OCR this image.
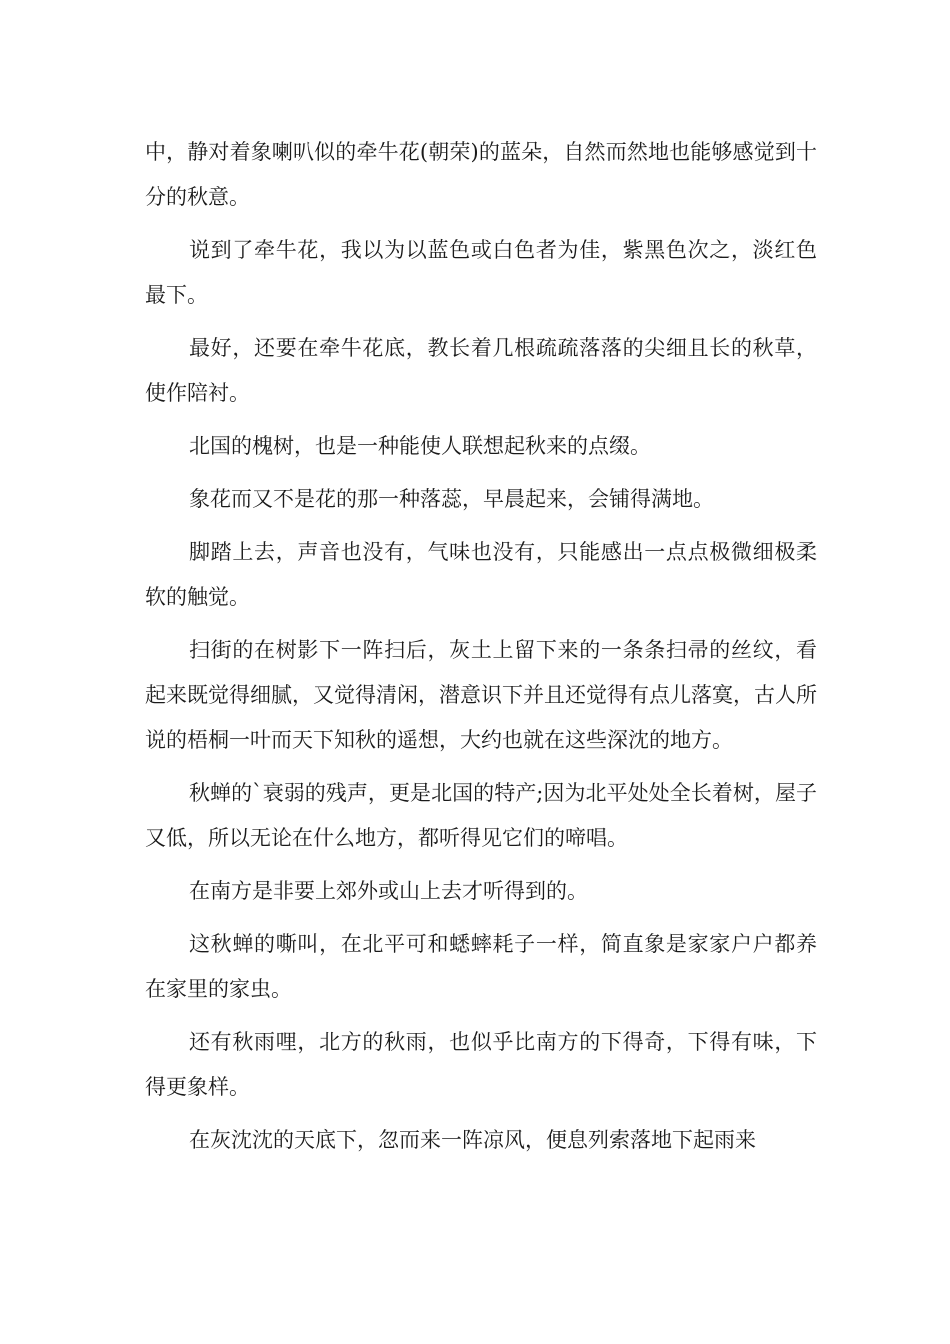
中，静对着象喇叭似的牵牛花(朝荣)的蓝朵，自然而然地也能够感觉到十分的秋意。

说到了牵牛花，我以为以蓝色或白色者为佳，紫黑色次之，淡红色最下。

最好，还要在牵牛花底，教长着几根疏疏落落的尖细且长的秋草，使作陪衬。

北国的槐树，也是一种能使人联想起秋来的点缀。

象花而又不是花的那一种落蕊，早晨起来，会铺得满地。

脚踏上去，声音也没有，气味也没有，只能感出一点点极微细极柔软的触觉。

扫街的在树影下一阵扫后，灰土上留下来的一条条扫帚的丝纹，看起来既觉得细腻，又觉得清闲，潜意识下并且还觉得有点儿落寞，古人所说的梧桐一叶而天下知秋的遥想，大约也就在这些深沈的地方。

秋蝉的`衰弱的残声，更是北国的特产;因为北平处处全长着树，屋子又低，所以无论在什么地方，都听得见它们的啼唱。

在南方是非要上郊外或山上去才听得到的。

这秋蝉的嘶叫，在北平可和蟋蟀耗子一样，简直象是家家户户都养在家里的家虫。

还有秋雨哩，北方的秋雨，也似乎比南方的下得奇，下得有味，下得更象样。

在灰沈沈的天底下，忽而来一阵凉风，便息列索落地下起雨来
